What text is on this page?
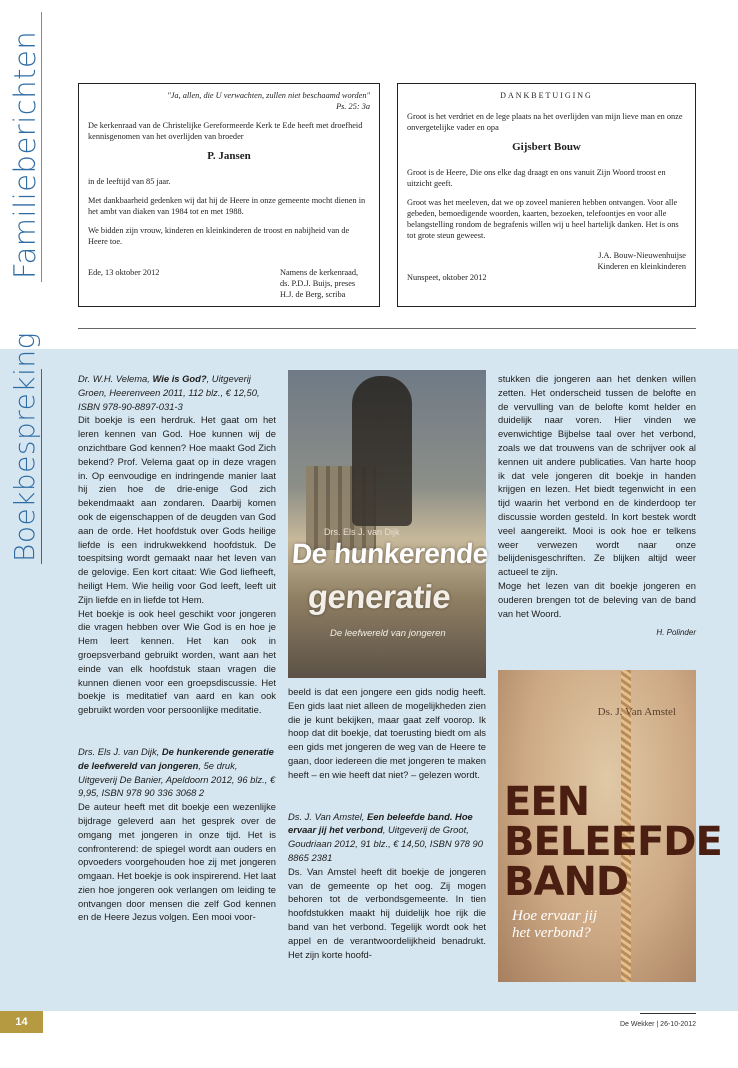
Familieberichten	"Ja, allen, die U verwachten, zullen niet beschaamd worden"

Ps. 25: 3a

De kerkenraad van de Christelijke Gereformeerde Kerk te Ede heeft met droefheid kennisgenomen van het overlijden van broeder

P. Jansen

in de leeftijd van 85 jaar.

Met dankbaarheid gedenken wij dat hij de Heere in onze gemeente mocht dienen in het ambt van diaken van 1984 tot en met 1988.

We bidden zijn vrouw, kinderen en kleinkinderen de troost en nabijheid van de Heere toe.

Ede, 13 oktober 2012	Namens de kerkenraad,
ds. P.D.J. Buijs, preses
H.J. de Berg, scriba

DANKBETUIGING

Groot is het verdriet en de lege plaats na het overlijden van mijn lieve man en onze onvergetelijke vader en opa

Gijsbert Bouw

Groot is de Heere, Die ons elke dag draagt en ons vanuit Zijn Woord troost en uitzicht geeft.

Groot was het meeleven, dat we op zoveel manieren hebben ontvangen. Voor alle gebeden, bemoedigende woorden, kaarten, bezoeken, telefoontjes en voor alle belangstelling rondom de begrafenis willen wij u heel hartelijk danken. Het is ons tot grote steun geweest.

J.A. Bouw-Nieuwenhuijse
Kinderen en kleinkinderen

Nunspeet, oktober 2012

Boekbespreking	Dr. W.H. Velema, Wie is God?, Uitgeverij Groen, Heerenveen 2011, 112 blz., € 12,50, ISBN 978-90-8897-031-3

Dit boekje is een herdruk. Het gaat om het leren kennen van God. Hoe kunnen wij de onzichtbare God kennen? Hoe maakt God Zich bekend? Prof. Velema gaat op in deze vragen in. Op eenvoudige en indringende manier laat hij zien hoe de drie-enige God zich bekendmaakt aan zondaren. Daarbij komen ook de eigenschappen of de deugden van God aan de orde. Het hoofdstuk over Gods heilige liefde is een indrukwekkend hoofdstuk. De toespitsing wordt gemaakt naar het leven van de gelovige. Een kort citaat: Wie God liefheeft, heiligt Hem. Wie heilig voor God leeft, leeft uit Zijn liefde en in liefde tot Hem.

Het boekje is ook heel geschikt voor jongeren die vragen hebben over Wie God is en hoe je Hem leert kennen. Het kan ook in groepsverband gebruikt worden, want aan het einde van elk hoofdstuk staan vragen die kunnen dienen voor een groepsdiscussie. Het boekje is meditatief van aard en kan ook gebruikt worden voor persoonlijke meditatie.

Drs. Els J. van Dijk, De hunkerende generatie de leefwereld van jongeren, 5e druk, Uitgeverij De Banier, Apeldoorn 2012, 96 blz., € 9,95, ISBN 978 90 336 3068 2

De auteur heeft met dit boekje een wezenlijke bijdrage geleverd aan het gesprek over de omgang met jongeren in onze tijd. Het is confronterend: de spiegel wordt aan ouders en opvoeders voorgehouden hoe zij met jongeren omgaan. Het boekje is ook inspirerend. Het laat zien hoe jongeren ook verlangen om leiding te ontvangen door mensen die zelf God kennen en de Heere Jezus volgen. Een mooi voor-

Drs. Els J. van Dijk
De hunkerende
generatie
De leefwereld van jongeren

beeld is dat een jongere een gids nodig heeft. Een gids laat niet alleen de mogelijkheden zien die je kunt bekijken, maar gaat zelf voorop. Ik hoop dat dit boekje, dat toerusting biedt om als een gids met jongeren de weg van de Heere te gaan, door iedereen die met jongeren te maken heeft – en wie heeft dat niet? – gelezen wordt.

Ds. J. Van Amstel, Een beleefde band. Hoe ervaar jij het verbond, Uitgeverij de Groot, Goudriaan 2012, 91 blz., € 14,50, ISBN 978 90 8865 2381

Ds. Van Amstel heeft dit boekje de jongeren van de gemeente op het oog. Zij mogen behoren tot de verbondsgemeente. In tien hoofdstukken maakt hij duidelijk hoe rijk die band van het verbond. Tegelijk wordt ook het appel en de verantwoordelijkheid benadrukt. Het zijn korte hoofd-

stukken die jongeren aan het denken willen zetten. Het onderscheid tussen de belofte en de vervulling van de belofte komt helder en duidelijk naar voren. Hier vinden we evenwichtige Bijbelse taal over het verbond, zoals we dat trouwens van de schrijver ook al kennen uit andere publicaties. Van harte hoop ik dat vele jongeren dit boekje in handen krijgen en lezen. Het biedt tegenwicht in een tijd waarin het verbond en de kinderdoop ter discussie worden gesteld. In kort bestek wordt veel aangereikt. Mooi is ook hoe er telkens weer verwezen wordt naar onze belijdenisgeschriften. Ze blijken altijd weer actueel te zijn.

Moge het lezen van dit boekje jongeren en ouderen brengen tot de beleving van de band van het Woord.

H. Polinder

Ds. J. Van Amstel
EEN
BELEEFDE
BAND
Hoe ervaar jij
het verbond?
14	De Wekker | 26-10-2012
